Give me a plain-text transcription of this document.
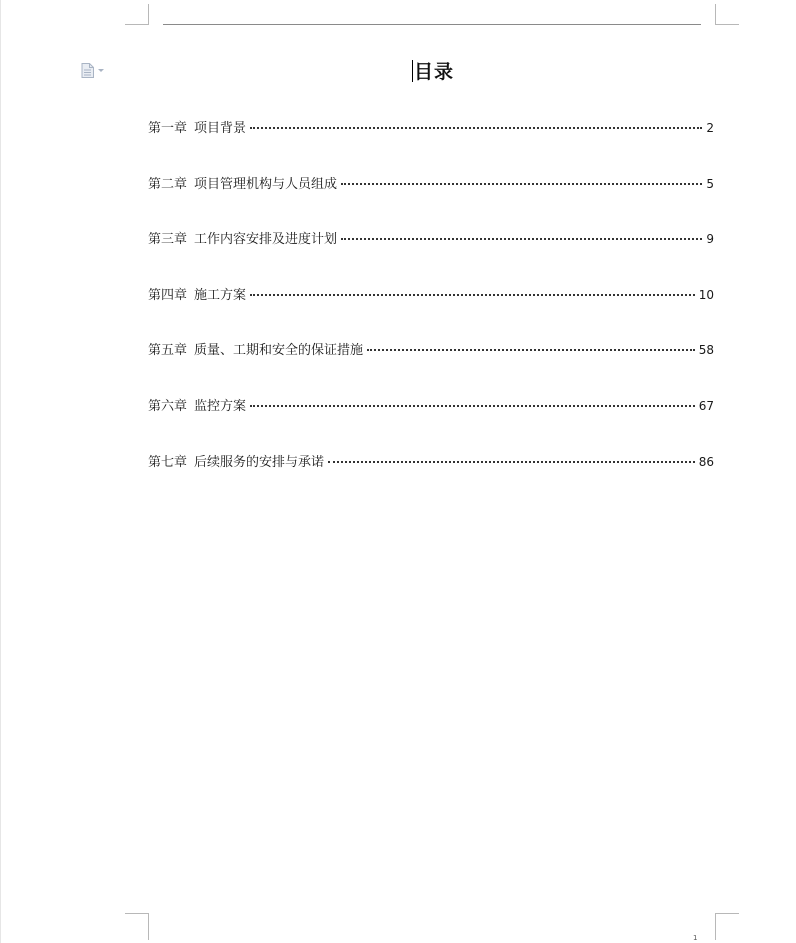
目录
第一章 项目背景	2
第二章 项目管理机构与人员组成	5
第三章 工作内容安排及进度计划	9
第四章 施工方案	10
第五章 质量、工期和安全的保证措施	58
第六章 监控方案	67
第七章 后续服务的安排与承诺	86
1
